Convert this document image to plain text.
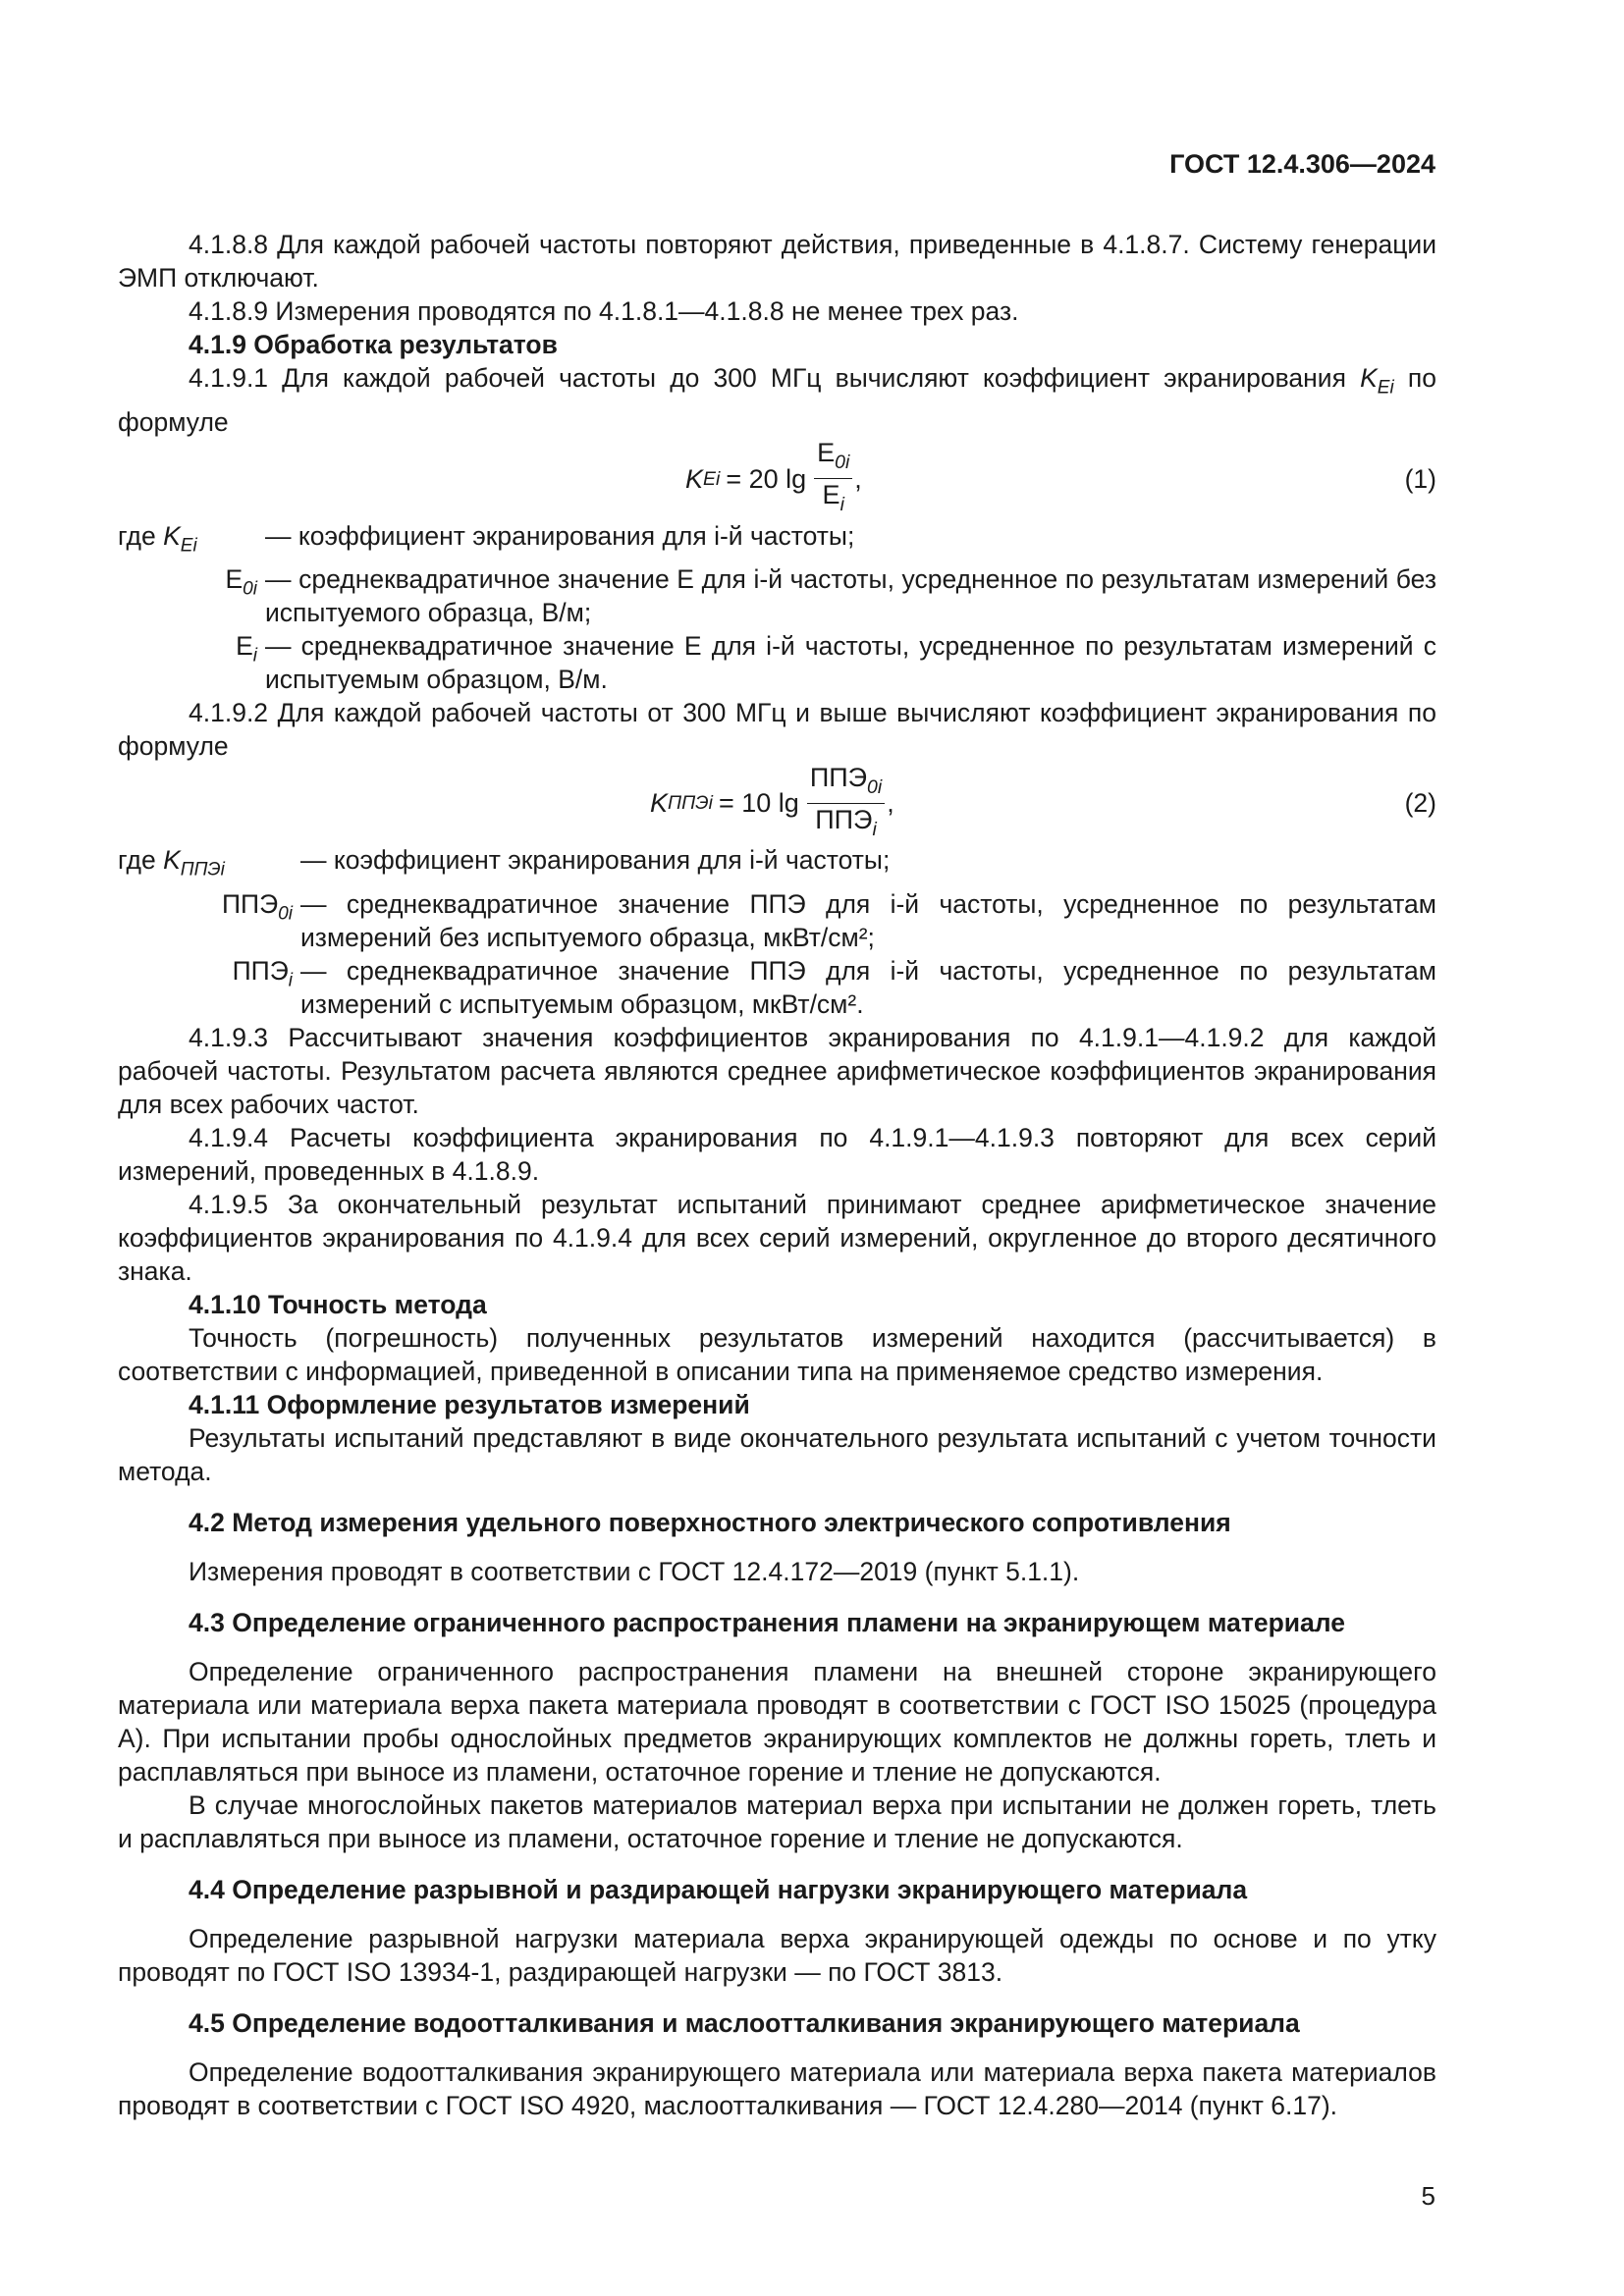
ГОСТ 12.4.306—2024

4.1.8.8 Для каждой рабочей частоты повторяют действия, приведенные в 4.1.8.7. Систему генерации ЭМП отключают.

4.1.8.9 Измерения проводятся по 4.1.8.1—4.1.8.8 не менее трех раз.

4.1.9 Обработка результатов

4.1.9.1 Для каждой рабочей частоты до 300 МГц вычисляют коэффициент экранирования $K_{Ei}$ по формуле

K Ei = 20 $\lg \frac{E_{0i}}{E_i}$ ,	(1)
где $K_{Ei}$	— коэффициент экранирования для i-й частоты;
$E_{0i}$ — среднеквадратичное значение E для i-й частоты, усредненное по результатам измерений без испытуемого образца, В/м;
$E_i$ — среднеквадратичное значение E для i-й частоты, усредненное по результатам измерений с испытуемым образцом, В/м.

4.1.9.2 Для каждой рабочей частоты от 300 МГц и выше вычисляют коэффициент экранирования по формуле

K ППЭi = 10 $\lg \frac{ППЭ_{0i}}{ППЭ_i}$ ,	(2)
где $K_{ППЭi}$	— коэффициент экранирования для i-й частоты;
$ППЭ_{0i}$ — среднеквадратичное значение ППЭ для i-й частоты, усредненное по результатам измерений без испытуемого образца, мкВт/см²;
$ППЭ_i$ — среднеквадратичное значение ППЭ для i-й частоты, усредненное по результатам измерений с испытуемым образцом, мкВт/см².

4.1.9.3 Рассчитывают значения коэффициентов экранирования по 4.1.9.1—4.1.9.2 для каждой рабочей частоты. Результатом расчета являются среднее арифметическое коэффициентов экранирования для всех рабочих частот.

4.1.9.4 Расчеты коэффициента экранирования по 4.1.9.1—4.1.9.3 повторяют для всех серий измерений, проведенных в 4.1.8.9.

4.1.9.5 За окончательный результат испытаний принимают среднее арифметическое значение коэффициентов экранирования по 4.1.9.4 для всех серий измерений, округленное до второго десятичного знака.

4.1.10 Точность метода

Точность (погрешность) полученных результатов измерений находится (рассчитывается) в соответствии с информацией, приведенной в описании типа на применяемое средство измерения.

4.1.11 Оформление результатов измерений

Результаты испытаний представляют в виде окончательного результата испытаний с учетом точности метода.

4.2 Метод измерения удельного поверхностного электрического сопротивления

Измерения проводят в соответствии с ГОСТ 12.4.172—2019 (пункт 5.1.1).

4.3 Определение ограниченного распространения пламени на экранирующем материале

Определение ограниченного распространения пламени на внешней стороне экранирующего материала или материала верха пакета материала проводят в соответствии с ГОСТ ISO 15025 (процедура А). При испытании пробы однослойных предметов экранирующих комплектов не должны гореть, тлеть и расплавляться при выносе из пламени, остаточное горение и тление не допускаются.

В случае многослойных пакетов материалов материал верха при испытании не должен гореть, тлеть и расплавляться при выносе из пламени, остаточное горение и тление не допускаются.

4.4 Определение разрывной и раздирающей нагрузки экранирующего материала

Определение разрывной нагрузки материала верха экранирующей одежды по основе и по утку проводят по ГОСТ ISO 13934-1, раздирающей нагрузки — по ГОСТ 3813.

4.5 Определение водоотталкивания и маслоотталкивания экранирующего материала

Определение водоотталкивания экранирующего материала или материала верха пакета материалов проводят в соответствии с ГОСТ ISO 4920, маслоотталкивания — ГОСТ 12.4.280—2014 (пункт 6.17).

5
